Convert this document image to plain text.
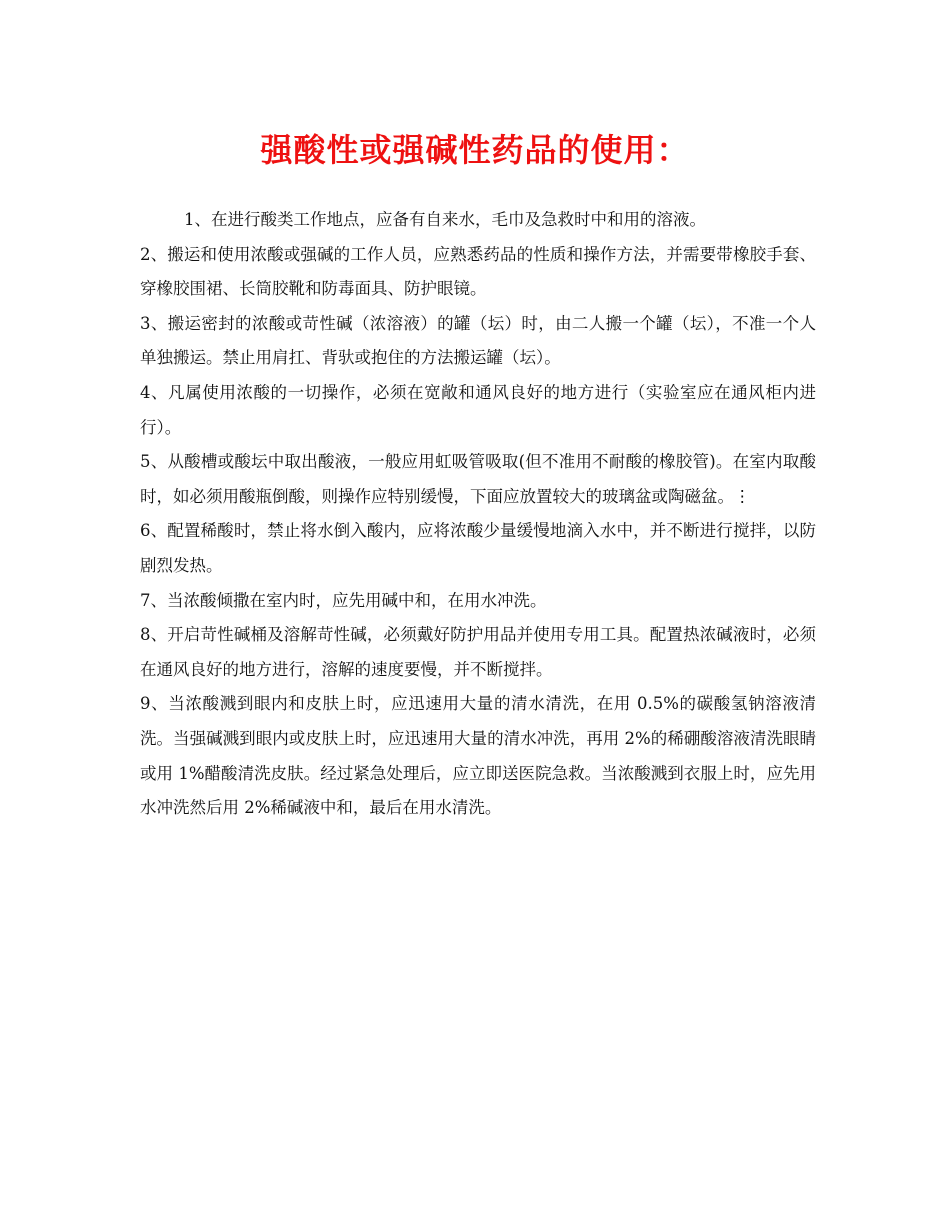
强酸性或强碱性药品的使用：

1、在进行酸类工作地点，应备有自来水，毛巾及急救时中和用的溶液。

2、搬运和使用浓酸或强碱的工作人员，应熟悉药品的性质和操作方法，并需要带橡胶手套、穿橡胶围裙、长筒胶靴和防毒面具、防护眼镜。

3、搬运密封的浓酸或苛性碱（浓溶液）的罐（坛）时，由二人搬一个罐（坛），不准一个人单独搬运。禁止用肩扛、背驮或抱住的方法搬运罐（坛）。

4、凡属使用浓酸的一切操作，必须在宽敞和通风良好的地方进行（实验室应在通风柜内进行）。

5、从酸槽或酸坛中取出酸液，一般应用虹吸管吸取(但不准用不耐酸的橡胶管)。在室内取酸时，如必须用酸瓶倒酸，则操作应特别缓慢，下面应放置较大的玻璃盆或陶磁盆。⋮

6、配置稀酸时，禁止将水倒入酸内，应将浓酸少量缓慢地滴入水中，并不断进行搅拌，以防剧烈发热。

7、当浓酸倾撒在室内时，应先用碱中和，在用水冲洗。

8、开启苛性碱桶及溶解苛性碱，必须戴好防护用品并使用专用工具。配置热浓碱液时，必须在通风良好的地方进行，溶解的速度要慢，并不断搅拌。

9、当浓酸溅到眼内和皮肤上时，应迅速用大量的清水清洗，在用 0.5%的碳酸氢钠溶液清洗。当强碱溅到眼内或皮肤上时，应迅速用大量的清水冲洗，再用 2%的稀硼酸溶液清洗眼睛或用 1%醋酸清洗皮肤。经过紧急处理后，应立即送医院急救。当浓酸溅到衣服上时，应先用水冲洗然后用 2%稀碱液中和，最后在用水清洗。
